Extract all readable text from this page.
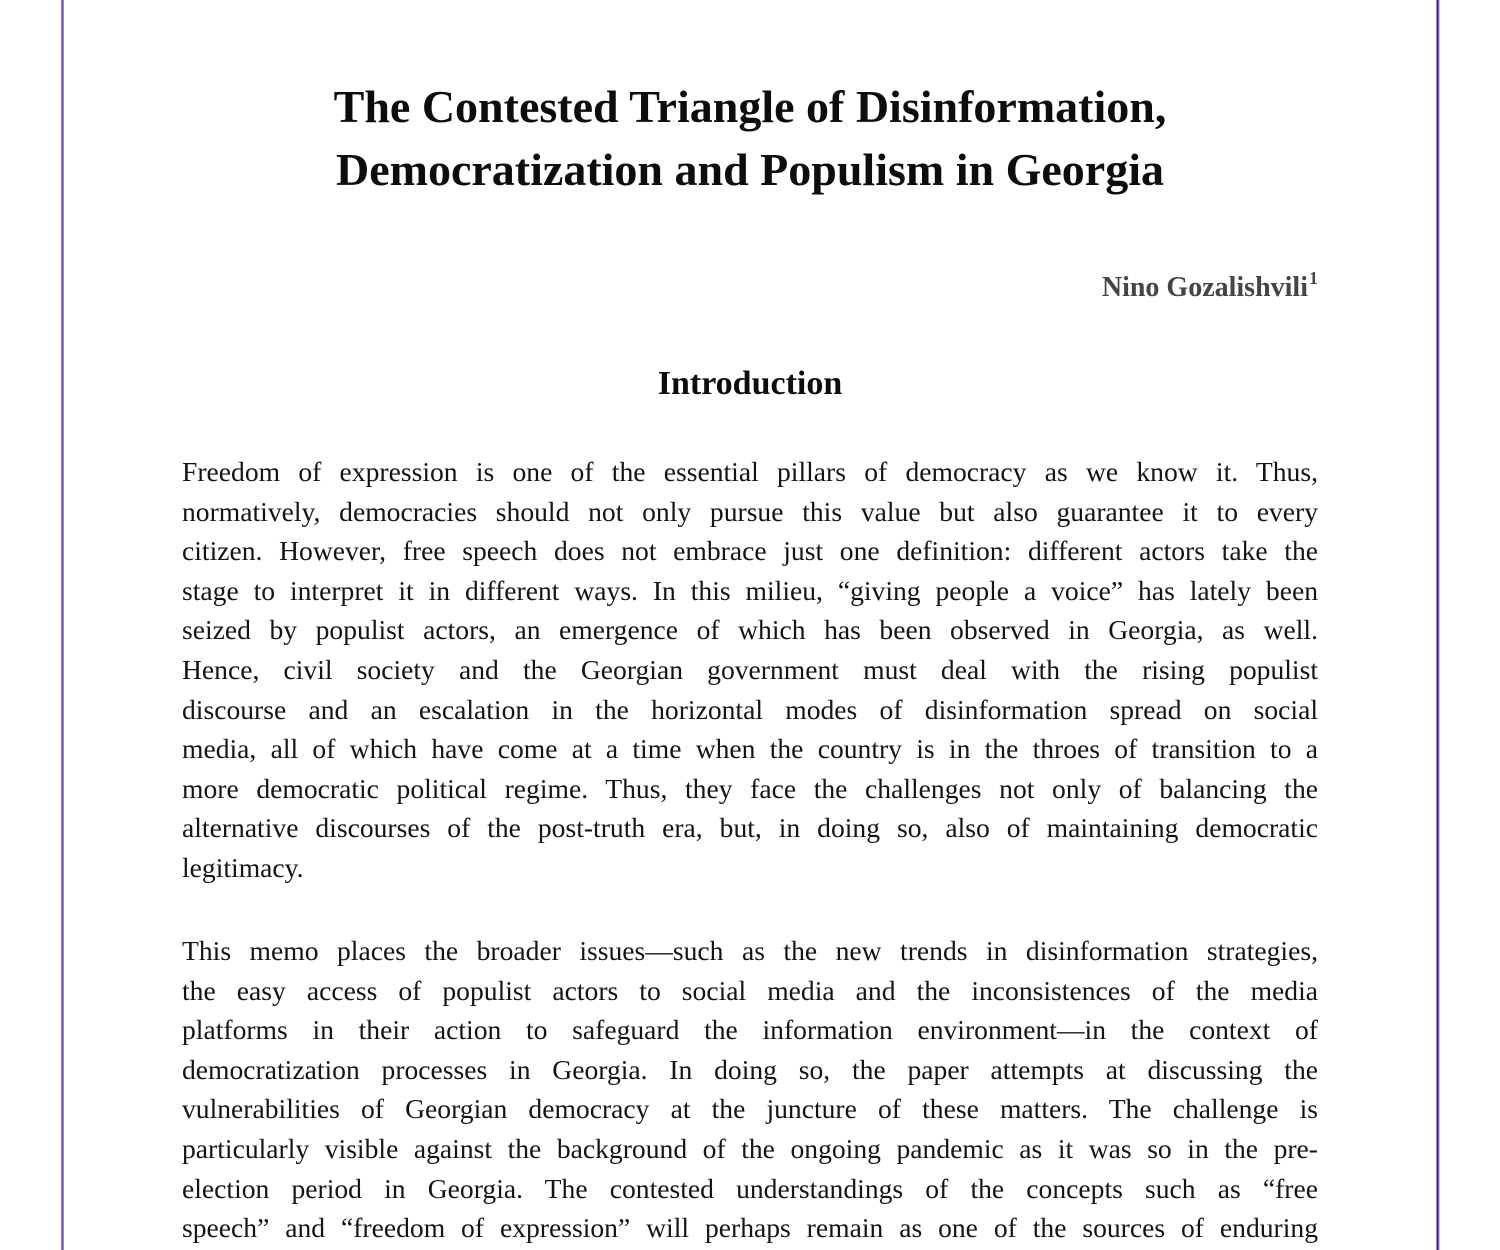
The Contested Triangle of Disinformation,
Democratization and Populism in Georgia
Nino Gozalishvili$^1$
Introduction
Freedom of expression is one of the essential pillars of democracy as we know it. Thus,
normatively, democracies should not only pursue this value but also guarantee it to every
citizen. However, free speech does not embrace just one definition: different actors take the
stage to interpret it in different ways. In this milieu, “giving people a voice” has lately been
seized by populist actors, an emergence of which has been observed in Georgia, as well.
Hence, civil society and the Georgian government must deal with the rising populist
discourse and an escalation in the horizontal modes of disinformation spread on social
media, all of which have come at a time when the country is in the throes of transition to a
more democratic political regime. Thus, they face the challenges not only of balancing the
alternative discourses of the post-truth era, but, in doing so, also of maintaining democratic
legitimacy.
This memo places the broader issues—such as the new trends in disinformation strategies,
the easy access of populist actors to social media and the inconsistences of the media
platforms in their action to safeguard the information environment—in the context of
democratization processes in Georgia. In doing so, the paper attempts at discussing the
vulnerabilities of Georgian democracy at the juncture of these matters. The challenge is
particularly visible against the background of the ongoing pandemic as it was so in the pre-
election period in Georgia. The contested understandings of the concepts such as “free
speech” and “freedom of expression” will perhaps remain as one of the sources of enduring
